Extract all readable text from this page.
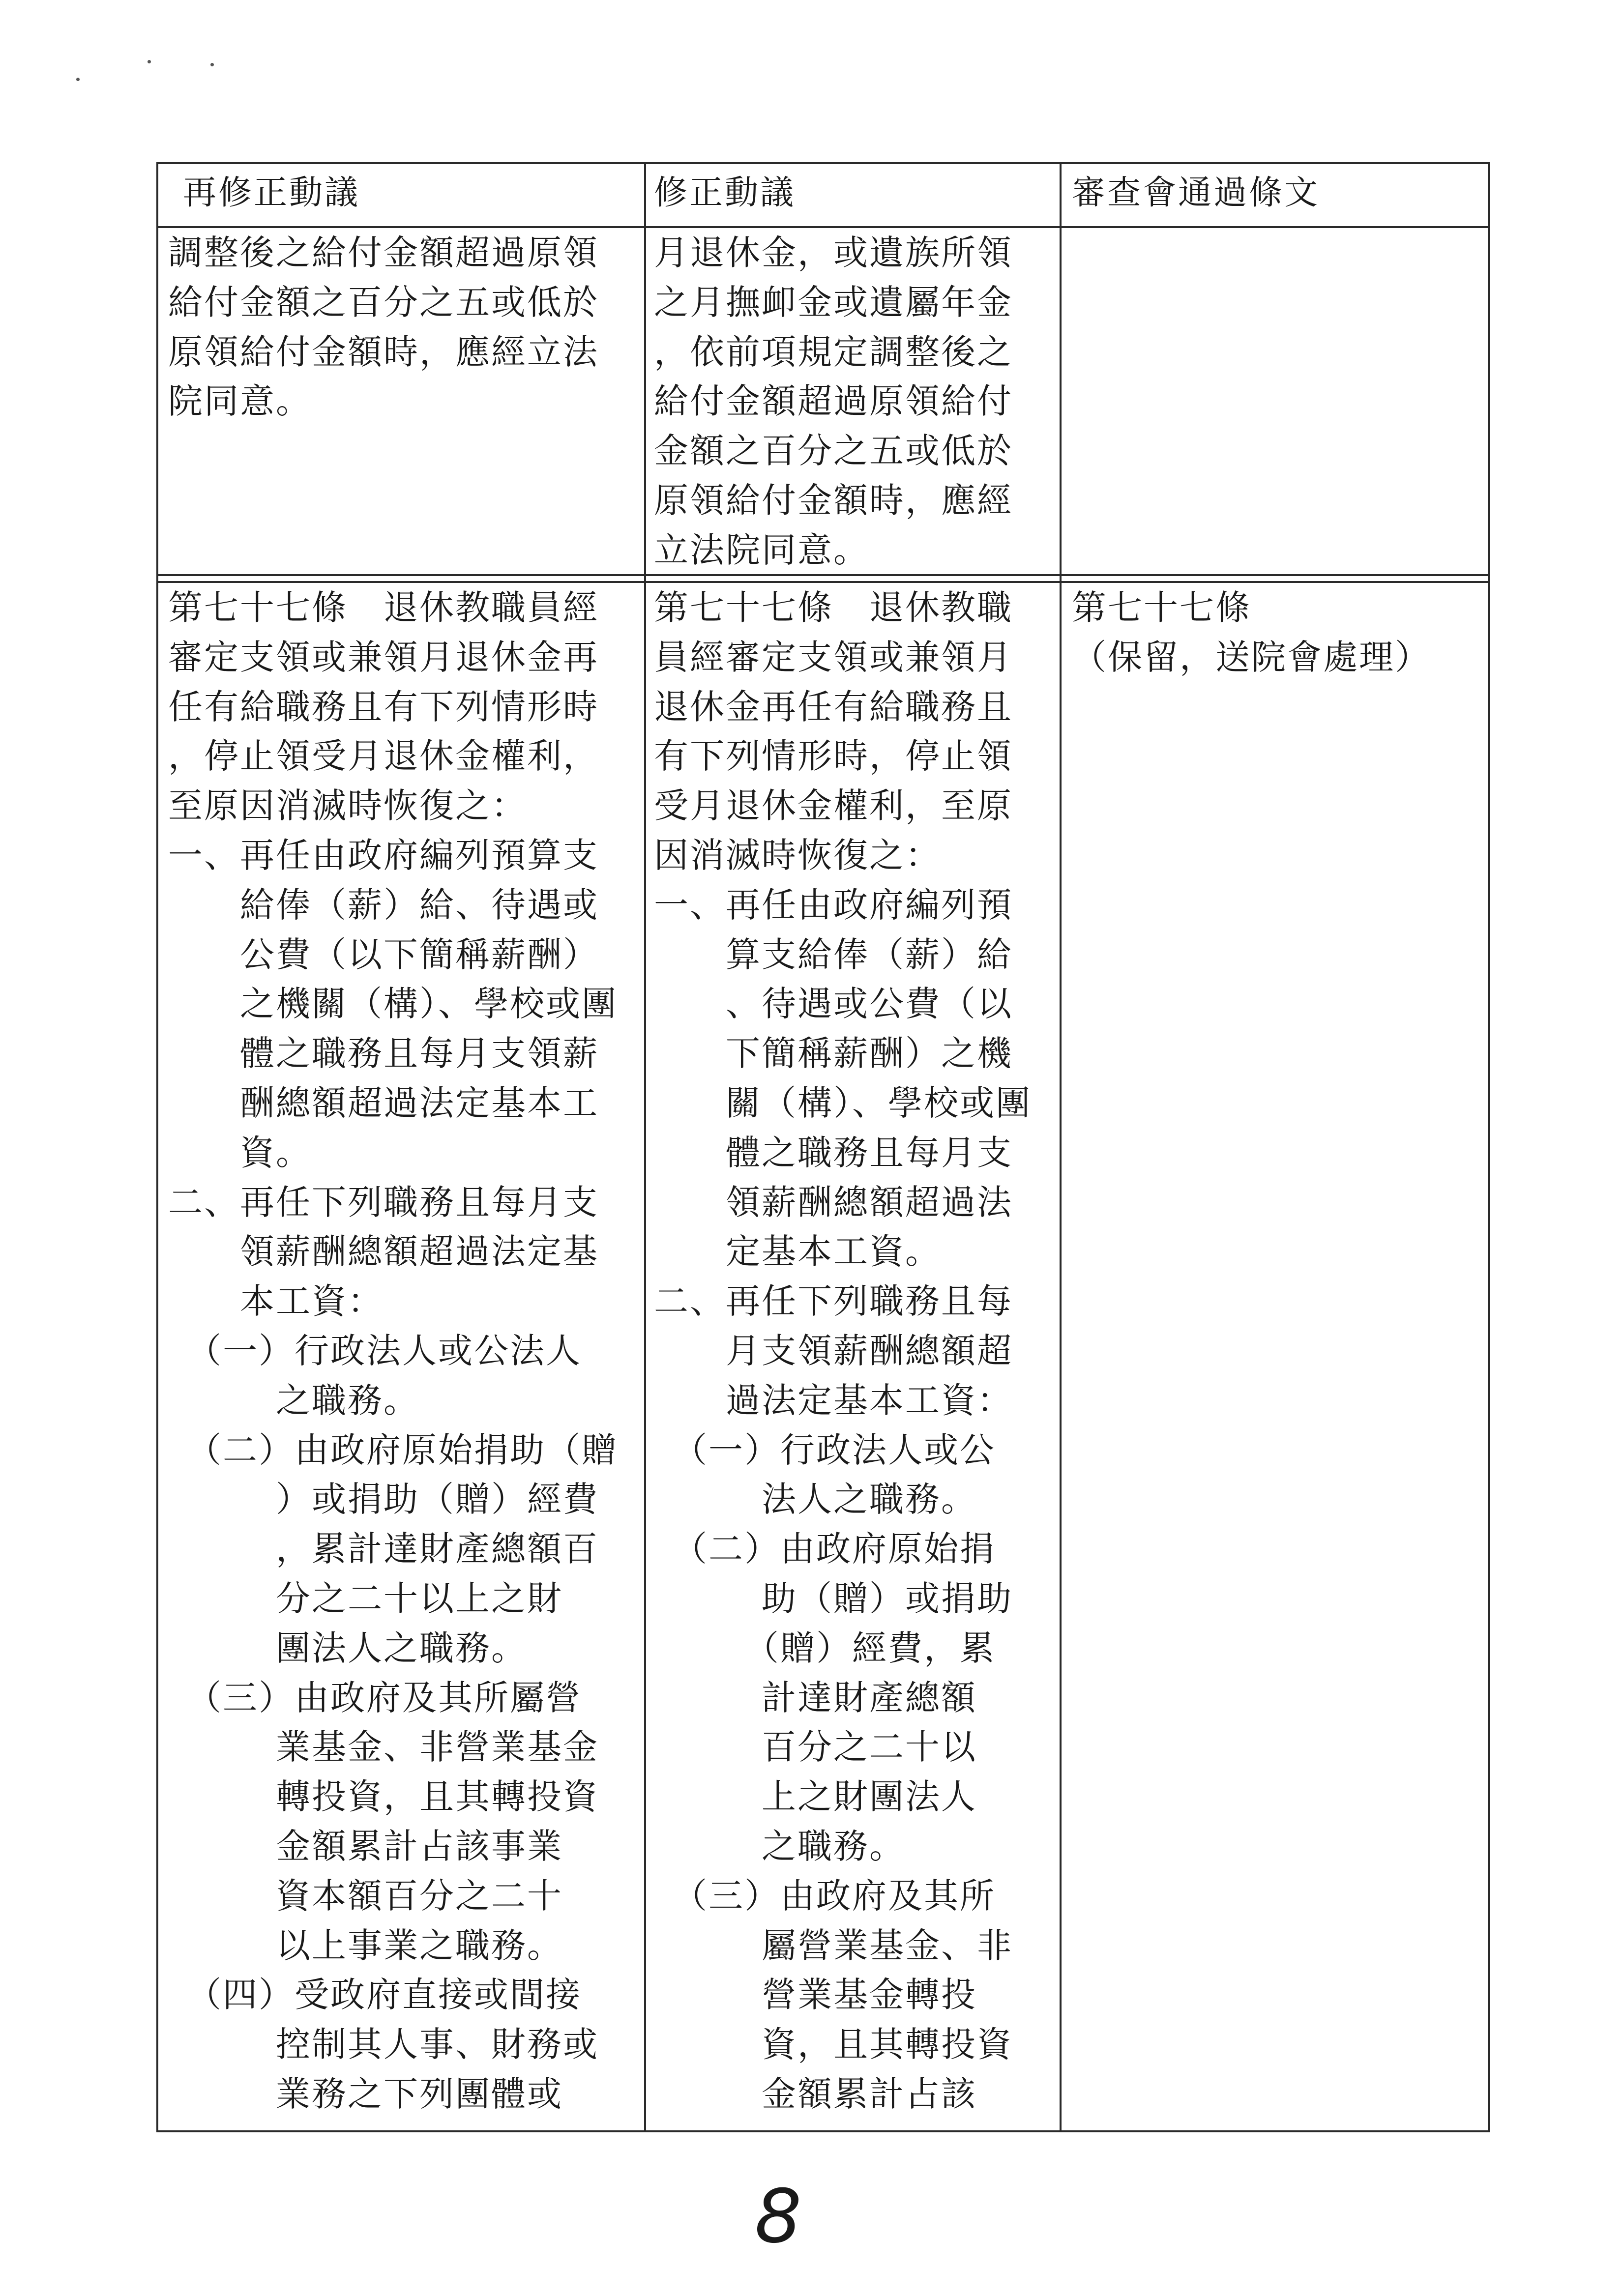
再修正動議	修正動議	審查會通過條文

調整後之給付金額超過原領

給付金額之百分之五或低於

原領給付金額時，應經立法

院同意。

月退休金，或遺族所領

之月撫卹金或遺屬年金

，依前項規定調整後之

給付金額超過原領給付

金額之百分之五或低於

原領給付金額時，應經

立法院同意。

第七十七條　退休教職員經

審定支領或兼領月退休金再

任有給職務且有下列情形時

，停止領受月退休金權利，

至原因消滅時恢復之：

一、再任由政府編列預算支

　　給俸（薪）給、待遇或

　　公費（以下簡稱薪酬）

　　之機關（構）、學校或團

　　體之職務且每月支領薪

　　酬總額超過法定基本工

　　資。

二、再任下列職務且每月支

　　領薪酬總額超過法定基

　　本工資：

　（一）行政法人或公法人

　　　之職務。

　（二）由政府原始捐助（贈

　　　）或捐助（贈）經費

　　　，累計達財產總額百

　　　分之二十以上之財

　　　團法人之職務。

　（三）由政府及其所屬營

　　　業基金、非營業基金

　　　轉投資，且其轉投資

　　　金額累計占該事業

　　　資本額百分之二十

　　　以上事業之職務。

　（四）受政府直接或間接

　　　控制其人事、財務或

　　　業務之下列團體或

第七十七條　退休教職

員經審定支領或兼領月

退休金再任有給職務且

有下列情形時，停止領

受月退休金權利，至原

因消滅時恢復之：

一、再任由政府編列預

　　算支給俸（薪）給

　　、待遇或公費（以

　　下簡稱薪酬）之機

　　關（構）、學校或團

　　體之職務且每月支

　　領薪酬總額超過法

　　定基本工資。

二、再任下列職務且每

　　月支領薪酬總額超

　　過法定基本工資：

　（一）行政法人或公

　　　法人之職務。

　（二）由政府原始捐

　　　助（贈）或捐助

　　　（贈）經費，累

　　　計達財產總額

　　　百分之二十以

　　　上之財團法人

　　　之職務。

　（三）由政府及其所

　　　屬營業基金、非

　　　營業基金轉投

　　　資，且其轉投資

　　　金額累計占該

第七十七條

（保留，送院會處理）

8
